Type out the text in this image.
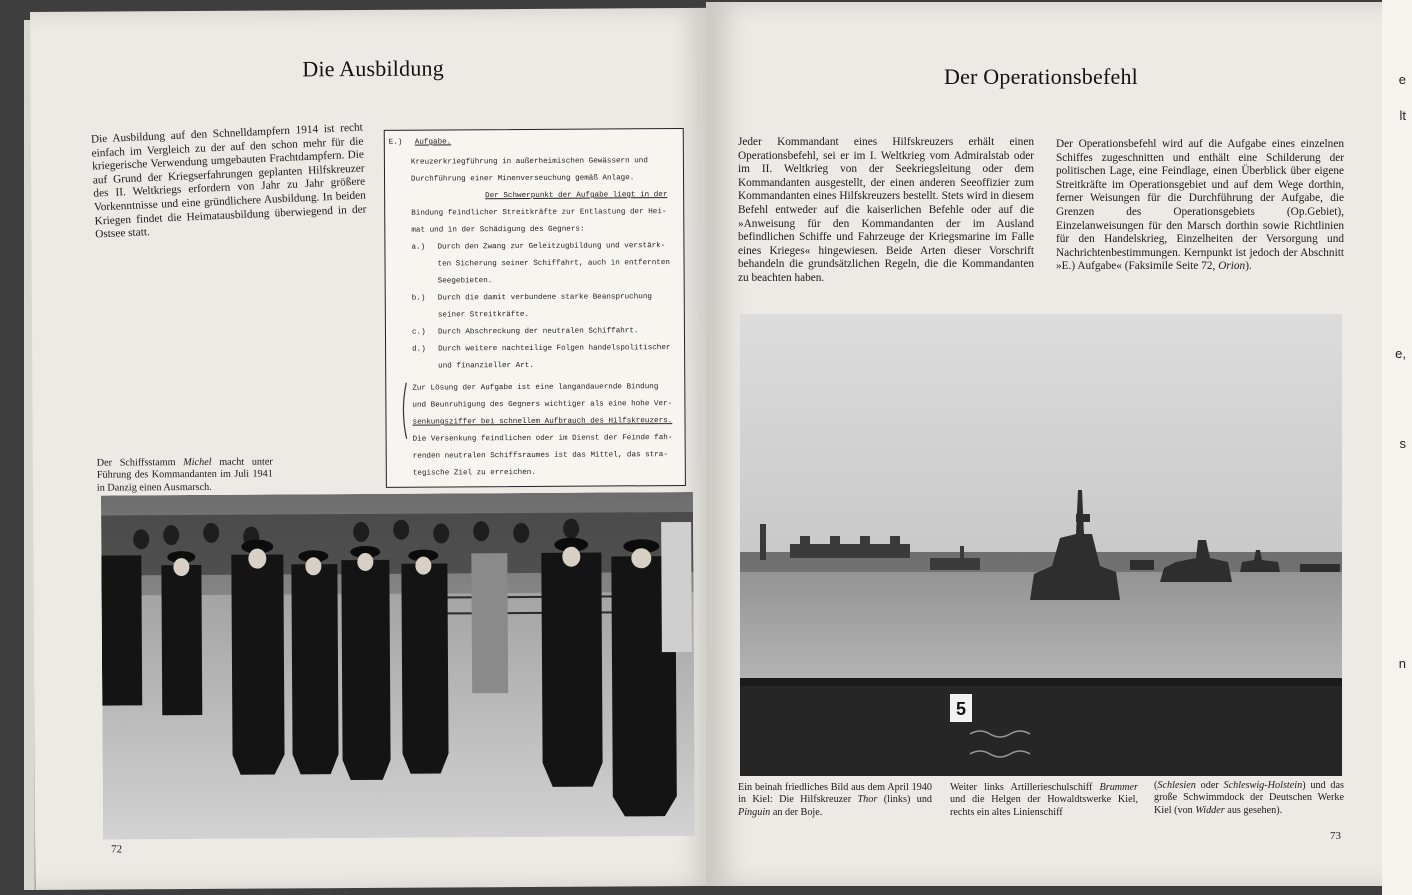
Die Ausbildung
Die Ausbildung auf den Schnelldampfern 1914 ist recht einfach im Vergleich zu der auf den schon mehr für die kriegerische Verwendung umgebauten Frachtdampfern. Die auf Grund der Kriegserfahrungen geplanten Hilfskreuzer des II. Weltkriegs erfordern von Jahr zu Jahr größere Vorkenntnisse und eine gründlichere Ausbildung. In beiden Kriegen findet die Heimatausbildung überwiegend in der Ostsee statt.
E.) Aufgabe.
Kreuzerkriegführung in außerheimischen Gewässern und
Durchführung einer Minenverseuchung gemäß Anlage.
Der Schwerpunkt der Aufgabe liegt in der
Bindung feindlicher Streitkräfte zur Entlastung der Hei-
mat und in der Schädigung des Gegners:
a.) Durch den Zwang zur Geleitzugbildung und verstärk-
ten Sicherung seiner Schiffahrt, auch in entfernten
Seegebieten.
b.) Durch die damit verbundene starke Beanspruchung
seiner Streitkräfte.
c.) Durch Abschreckung der neutralen Schiffahrt.
d.) Durch weitere nachteilige Folgen handelspolitischer
und finanzieller Art.
Zur Lösung der Aufgabe ist eine langandauernde Bindung
und Beunruhigung des Gegners wichtiger als eine hohe Ver-
senkungsziffer bei schnellem Aufbrauch des Hilfskreuzers.
Die Versenkung feindlichen oder im Dienst der Feinde fah-
renden neutralen Schiffsraumes ist das Mittel, das stra-
tegische Ziel zu erreichen.
Der Schiffsstamm Michel macht unter Führung des Kommandanten im Juli 1941 in Danzig einen Ausmarsch.
72
Der Operationsbefehl
Jeder Kommandant eines Hilfskreuzers erhält einen Operationsbefehl, sei er im I. Weltkrieg vom Admiralstab oder im II. Weltkrieg von der Seekriegsleitung oder dem Kommandanten ausgestellt, der einen anderen Seeoffizier zum Kommandanten eines Hilfskreuzers bestellt. Stets wird in diesem Befehl entweder auf die kaiserlichen Befehle oder auf die »Anweisung für den Kommandanten der im Ausland befindlichen Schiffe und Fahrzeuge der Kriegsmarine im Falle eines Krieges« hingewiesen. Beide Arten dieser Vorschrift behandeln die grundsätzlichen Regeln, die die Kommandanten zu beachten haben.
Der Operationsbefehl wird auf die Aufgabe eines einzelnen Schiffes zugeschnitten und enthält eine Schilderung der politischen Lage, eine Feindlage, einen Überblick über eigene Streitkräfte im Operationsgebiet und auf dem Wege dorthin, ferner Weisungen für die Durchführung der Aufgabe, die Grenzen des Operationsgebiets (Op.Gebiet), Einzelanweisungen für den Marsch dorthin sowie Richtlinien für den Handelskrieg, Einzelheiten der Versorgung und Nachrichtenbestimmungen. Kernpunkt ist jedoch der Abschnitt »E.) Aufgabe« (Faksimile Seite 72, Orion).
5
Ein beinah friedliches Bild aus dem April 1940 in Kiel: Die Hilfskreuzer Thor (links) und Pinguin an der Boje.
Weiter links Artillerieschulschiff Brummer und die Helgen der Howaldtswerke Kiel, rechts ein altes Linienschiff
(Schlesien oder Schleswig-Holstein) und das große Schwimmdock der Deutschen Werke Kiel (von Widder aus gesehen).
73
e
lt
e,
s
n
